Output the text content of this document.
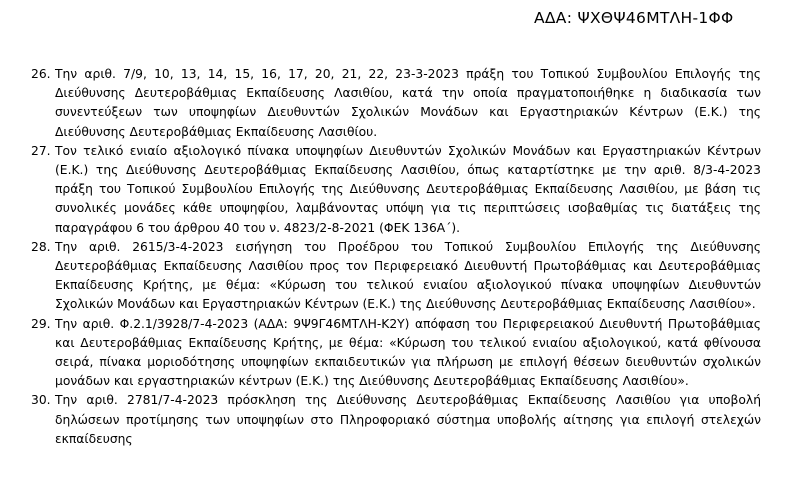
ΑΔΑ: ΨΧΘΨ46ΜΤΛΗ-1ΦΦ
26. Την αριθ. 7/9, 10, 13, 14, 15, 16, 17, 20, 21, 22, 23-3-2023 πράξη του Τοπικού Συμβουλίου Επιλογής της Διεύθυνσης Δευτεροβάθμιας Εκπαίδευσης Λασιθίου, κατά την οποία πραγματοποιήθηκε η διαδικασία των συνεντεύξεων των υποψηφίων Διευθυντών Σχολικών Μονάδων και Εργαστηριακών Κέντρων (Ε.Κ.) της Διεύθυνσης Δευτεροβάθμιας Εκπαίδευσης Λασιθίου.
27. Τον τελικό ενιαίο αξιολογικό πίνακα υποψηφίων Διευθυντών Σχολικών Μονάδων και Εργαστηριακών Κέντρων (Ε.Κ.) της Διεύθυνσης Δευτεροβάθμιας Εκπαίδευσης Λασιθίου, όπως καταρτίστηκε με την αριθ. 8/3-4-2023 πράξη του Τοπικού Συμβουλίου Επιλογής της Διεύθυνσης Δευτεροβάθμιας Εκπαίδευσης Λασιθίου, με βάση τις συνολικές μονάδες κάθε υποψηφίου, λαμβάνοντας υπόψη για τις περιπτώσεις ισοβαθμίας τις διατάξεις της παραγράφου 6 του άρθρου 40 του ν. 4823/2-8-2021 (ΦΕΚ 136Α΄).
28. Την αριθ. 2615/3-4-2023 εισήγηση του Προέδρου του Τοπικού Συμβουλίου Επιλογής της Διεύθυνσης Δευτεροβάθμιας Εκπαίδευσης Λασιθίου προς τον Περιφερειακό Διευθυντή Πρωτοβάθμιας και Δευτεροβάθμιας Εκπαίδευσης Κρήτης, με θέμα: «Κύρωση του τελικού ενιαίου αξιολογικού πίνακα υποψηφίων Διευθυντών Σχολικών Μονάδων και Εργαστηριακών Κέντρων (Ε.Κ.) της Διεύθυνσης Δευτεροβάθμιας Εκπαίδευσης Λασιθίου».
29. Την αριθ. Φ.2.1/3928/7-4-2023 (ΑΔΑ: 9Ψ9Γ46ΜΤΛΗ-Κ2Υ) απόφαση του Περιφερειακού Διευθυντή Πρωτοβάθμιας και Δευτεροβάθμιας Εκπαίδευσης Κρήτης, με θέμα: «Κύρωση του τελικού ενιαίου αξιολογικού, κατά φθίνουσα σειρά, πίνακα μοριοδότησης υποψηφίων εκπαιδευτικών για πλήρωση με επιλογή θέσεων διευθυντών σχολικών μονάδων και εργαστηριακών κέντρων (Ε.Κ.) της Διεύθυνσης Δευτεροβάθμιας Εκπαίδευσης Λασιθίου».
30. Την αριθ. 2781/7-4-2023 πρόσκληση της Διεύθυνσης Δευτεροβάθμιας Εκπαίδευσης Λασιθίου για υποβολή δηλώσεων προτίμησης των υποψηφίων στο Πληροφοριακό σύστημα υποβολής αίτησης για επιλογή στελεχών εκπαίδευσης
